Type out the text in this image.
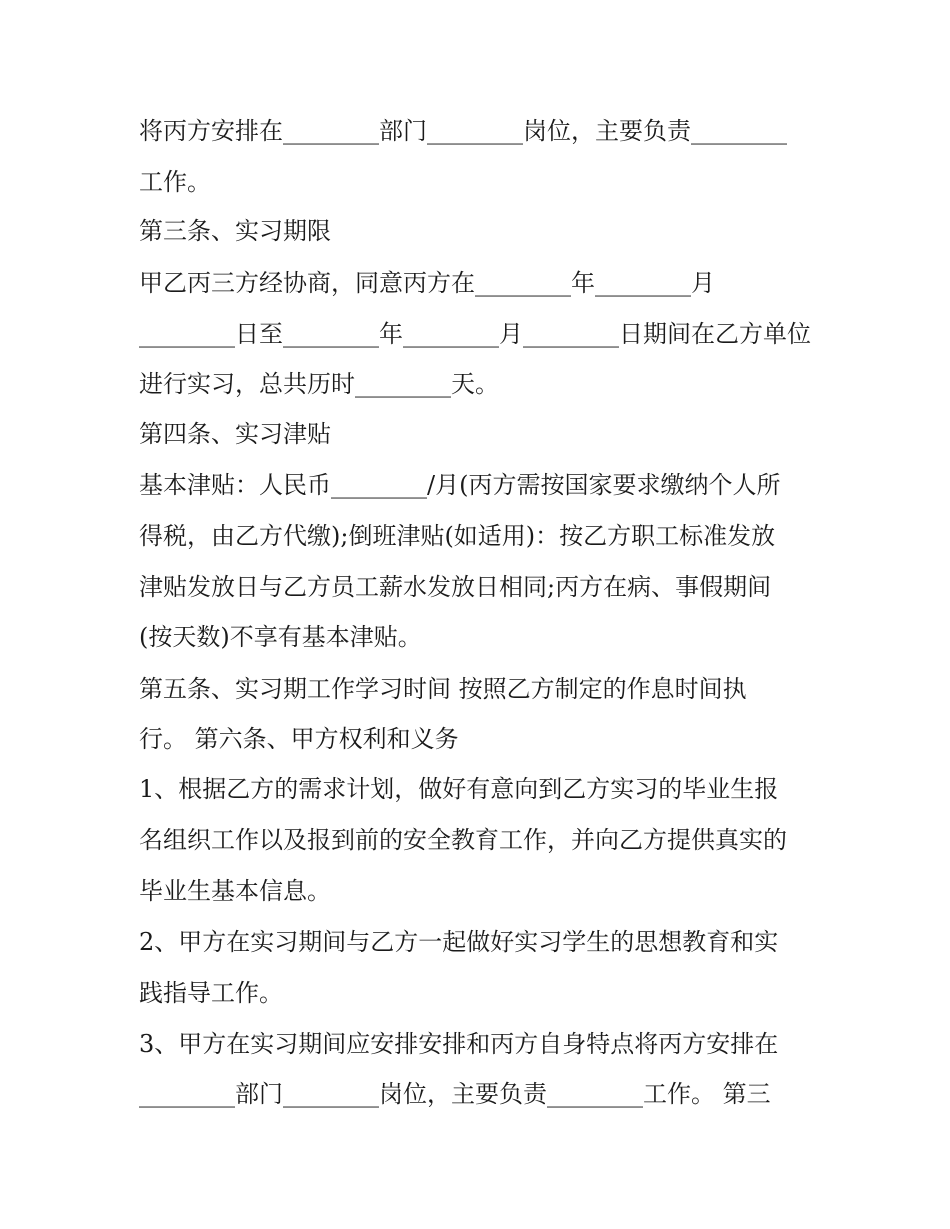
将丙方安排在________部门________岗位，主要负责________
工作。
第三条、实习期限
甲乙丙三方经协商，同意丙方在________年________月
________日至________年________月________日期间在乙方单位
进行实习，总共历时________天。
第四条、实习津贴
基本津贴：人民币________/月(丙方需按国家要求缴纳个人所
得税，由乙方代缴);倒班津贴(如适用)：按乙方职工标准发放
津贴发放日与乙方员工薪水发放日相同;丙方在病、事假期间
(按天数)不享有基本津贴。
第五条、实习期工作学习时间 按照乙方制定的作息时间执
行。 第六条、甲方权利和义务
1、根据乙方的需求计划，做好有意向到乙方实习的毕业生报
名组织工作以及报到前的安全教育工作，并向乙方提供真实的
毕业生基本信息。
2、甲方在实习期间与乙方一起做好实习学生的思想教育和实
践指导工作。
3、甲方在实习期间应安排安排和丙方自身特点将丙方安排在
________部门________岗位，主要负责________工作。 第三
